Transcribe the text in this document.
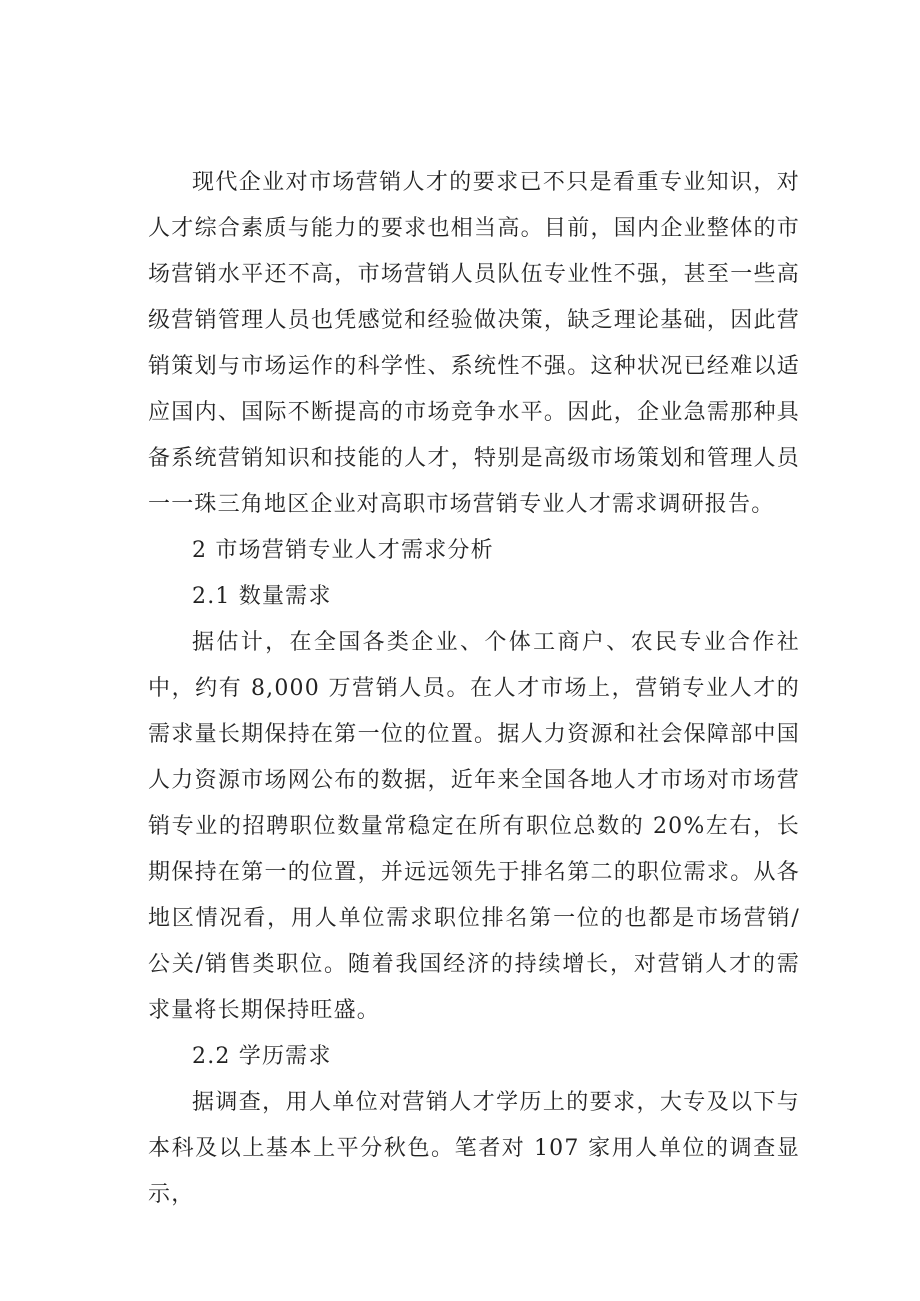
现代企业对市场营销人才的要求已不只是看重专业知识，对人才综合素质与能力的要求也相当高。目前，国内企业整体的市场营销水平还不高，市场营销人员队伍专业性不强，甚至一些高级营销管理人员也凭感觉和经验做决策，缺乏理论基础，因此营销策划与市场运作的科学性、系统性不强。这种状况已经难以适应国内、国际不断提高的市场竞争水平。因此，企业急需那种具备系统营销知识和技能的人才，特别是高级市场策划和管理人员一一珠三角地区企业对高职市场营销专业人才需求调研报告。

2 市场营销专业人才需求分析

2.1 数量需求

据估计，在全国各类企业、个体工商户、农民专业合作社中，约有 8,000 万营销人员。在人才市场上，营销专业人才的需求量长期保持在第一位的位置。据人力资源和社会保障部中国人力资源市场网公布的数据，近年来全国各地人才市场对市场营销专业的招聘职位数量常稳定在所有职位总数的 20%左右，长期保持在第一的位置，并远远领先于排名第二的职位需求。从各地区情况看，用人单位需求职位排名第一位的也都是市场营销/公关/销售类职位。随着我国经济的持续增长，对营销人才的需求量将长期保持旺盛。

2.2 学历需求

据调查，用人单位对营销人才学历上的要求，大专及以下与本科及以上基本上平分秋色。笔者对 107 家用人单位的调查显示，
